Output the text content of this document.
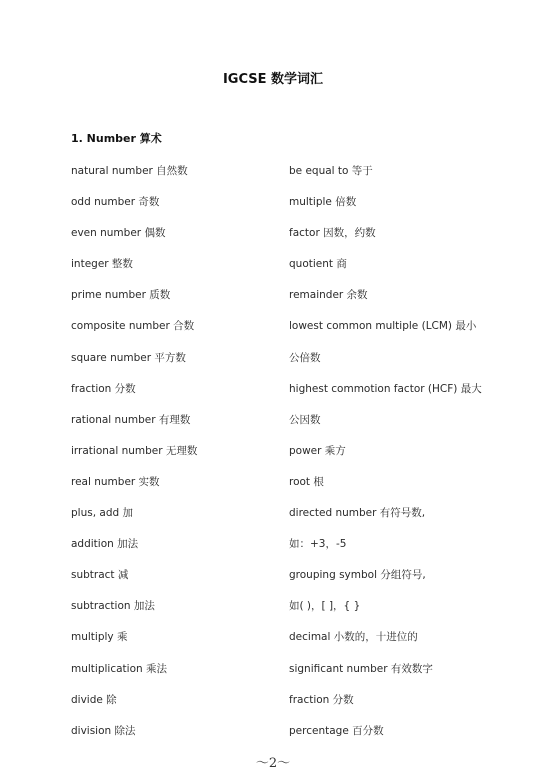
IGCSE 数学词汇
1. Number 算术
natural number 自然数
odd number 奇数
even number 偶数
integer 整数
prime number 质数
composite number 合数
square number 平方数
fraction 分数
rational number 有理数
irrational number 无理数
real number 实数
plus, add 加
addition 加法
subtract 减
subtraction 加法
multiply 乘
multiplication 乘法
divide 除
division 除法
be equal to 等于
multiple 倍数
factor 因数，约数
quotient 商
remainder 余数
lowest common multiple (LCM) 最小
公倍数
highest commotion factor (HCF) 最大
公因数
power 乘方
root 根
directed number 有符号数,
如：+3，-5
grouping symbol 分组符号,
如( )，[ ]，{ }
decimal 小数的，十进位的
significant number 有效数字
fraction 分数
percentage 百分数
～2～
